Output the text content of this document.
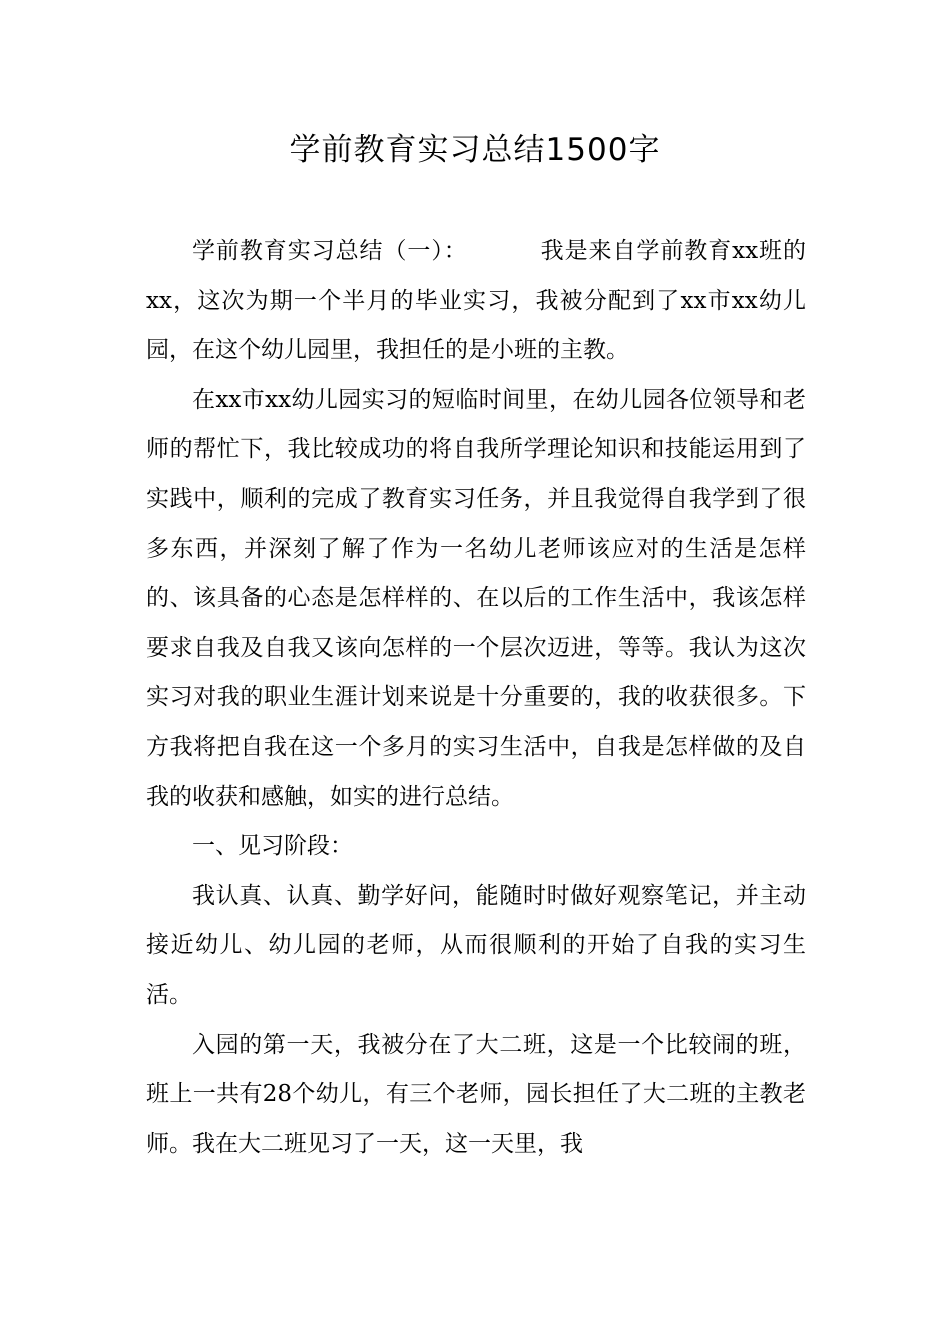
学前教育实习总结1500字

学前教育实习总结（一）：	我是来自学前教育xx班的xx，这次为期一个半月的毕业实习，我被分配到了xx市xx幼儿园，在这个幼儿园里，我担任的是小班的主教。

在xx市xx幼儿园实习的短临时间里，在幼儿园各位领导和老师的帮忙下，我比较成功的将自我所学理论知识和技能运用到了实践中，顺利的完成了教育实习任务，并且我觉得自我学到了很多东西，并深刻了解了作为一名幼儿老师该应对的生活是怎样的、该具备的心态是怎样样的、在以后的工作生活中，我该怎样要求自我及自我又该向怎样的一个层次迈进，等等。我认为这次实习对我的职业生涯计划来说是十分重要的，我的收获很多。下方我将把自我在这一个多月的实习生活中，自我是怎样做的及自我的收获和感触，如实的进行总结。

一、见习阶段：

我认真、认真、勤学好问，能随时时做好观察笔记，并主动接近幼儿、幼儿园的老师，从而很顺利的开始了自我的实习生活。

入园的第一天，我被分在了大二班，这是一个比较闹的班，班上一共有28个幼儿，有三个老师，园长担任了大二班的主教老师。我在大二班见习了一天，这一天里，我
